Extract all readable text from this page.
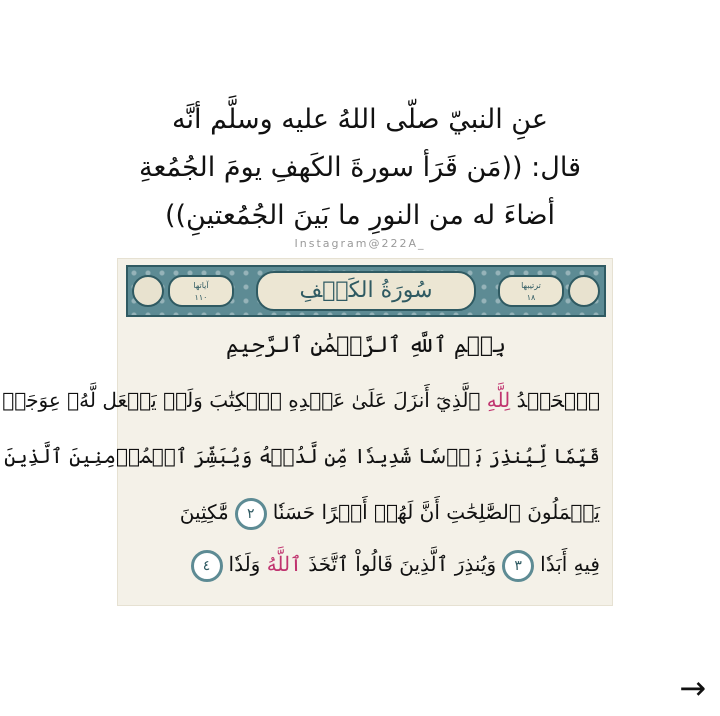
عنِ النبيّ صلّى اللهُ عليه وسلَّم أنَّه
قال: ((مَن قَرَأ سورةَ الكَهفِ يومَ الجُمُعةِ
أضاءَ له من النورِ ما بَينَ الجُمُعتينِ))
Instagram@222A_
ترتيبها
١٨
سُورَةُ الكَهۡفِ
آياتها
١١٠
بِسۡمِ ٱللَّهِ ٱلرَّحۡمَٰنِ ٱلرَّحِيمِ
ٱلۡحَمۡدُ لِلَّهِ ٱلَّذِيٓ أَنزَلَ عَلَىٰ عَبۡدِهِ ٱلۡكِتَٰبَ وَلَمۡ يَجۡعَل لَّهُۥ عِوَجَاۜ
قَيِّمٗا لِّيُنذِرَ بَأۡسٗا شَدِيدٗا مِّن لَّدُنۡهُ وَيُبَشِّرَ ٱلۡمُؤۡمِنِينَ ٱلَّذِينَ
يَعۡمَلُونَ ٱلصَّٰلِحَٰتِ أَنَّ لَهُمۡ أَجۡرًا حَسَنٗا٢مَّٰكِثِينَ
فِيهِ أَبَدٗا٣وَيُنذِرَ ٱلَّذِينَ قَالُواْ ٱتَّخَذَ ٱللَّهُ وَلَدٗا٤
→
